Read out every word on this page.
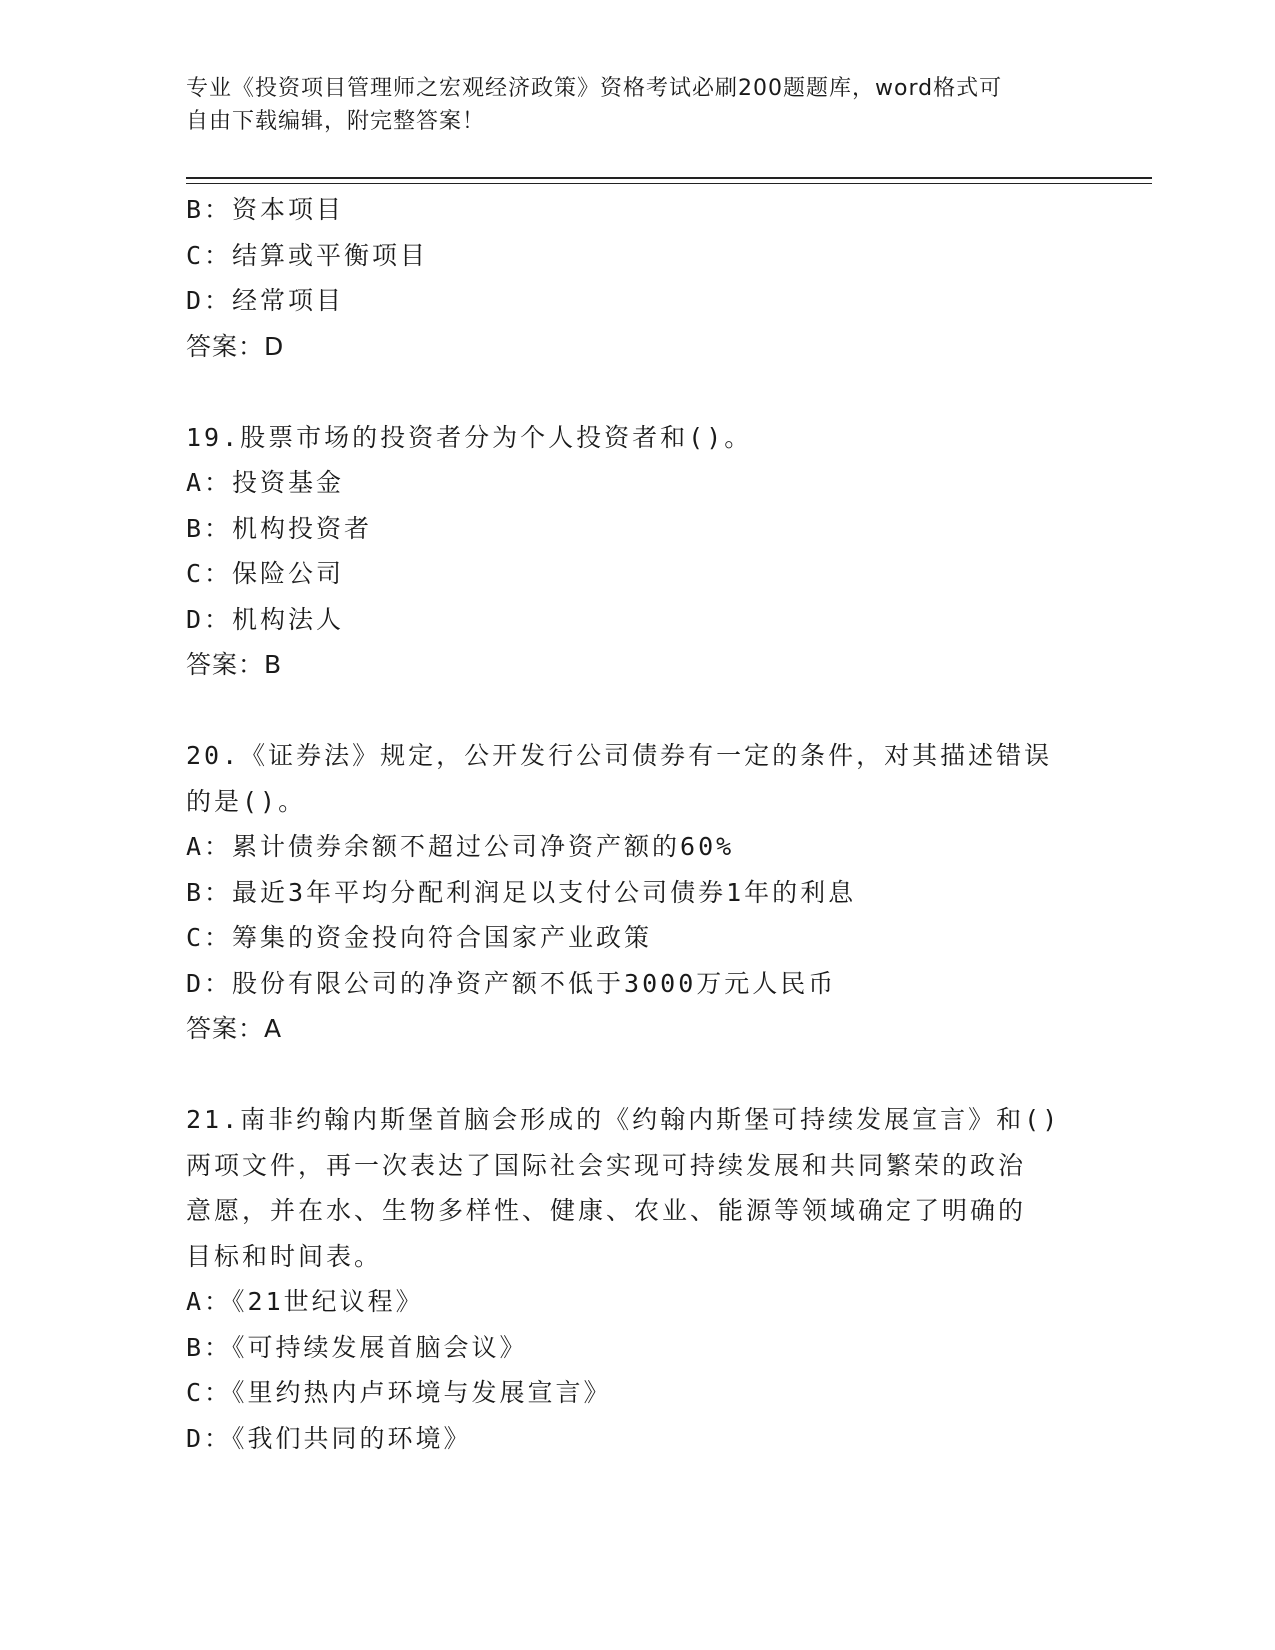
专业《投资项目管理师之宏观经济政策》资格考试必刷200题题库，word格式可
自由下载编辑，附完整答案！
B：资本项目
C：结算或平衡项目
D：经常项目
答案：D
19.股票市场的投资者分为个人投资者和()。
A：投资基金
B：机构投资者
C：保险公司
D：机构法人
答案：B
20.《证券法》规定，公开发行公司债券有一定的条件，对其描述错误
的是()。
A：累计债券余额不超过公司净资产额的60%
B：最近3年平均分配利润足以支付公司债券1年的利息
C：筹集的资金投向符合国家产业政策
D：股份有限公司的净资产额不低于3000万元人民币
答案：A
21.南非约翰内斯堡首脑会形成的《约翰内斯堡可持续发展宣言》和()
两项文件，再一次表达了国际社会实现可持续发展和共同繁荣的政治
意愿，并在水、生物多样性、健康、农业、能源等领域确定了明确的
目标和时间表。
A：《21世纪议程》
B：《可持续发展首脑会议》
C：《里约热内卢环境与发展宣言》
D：《我们共同的环境》
